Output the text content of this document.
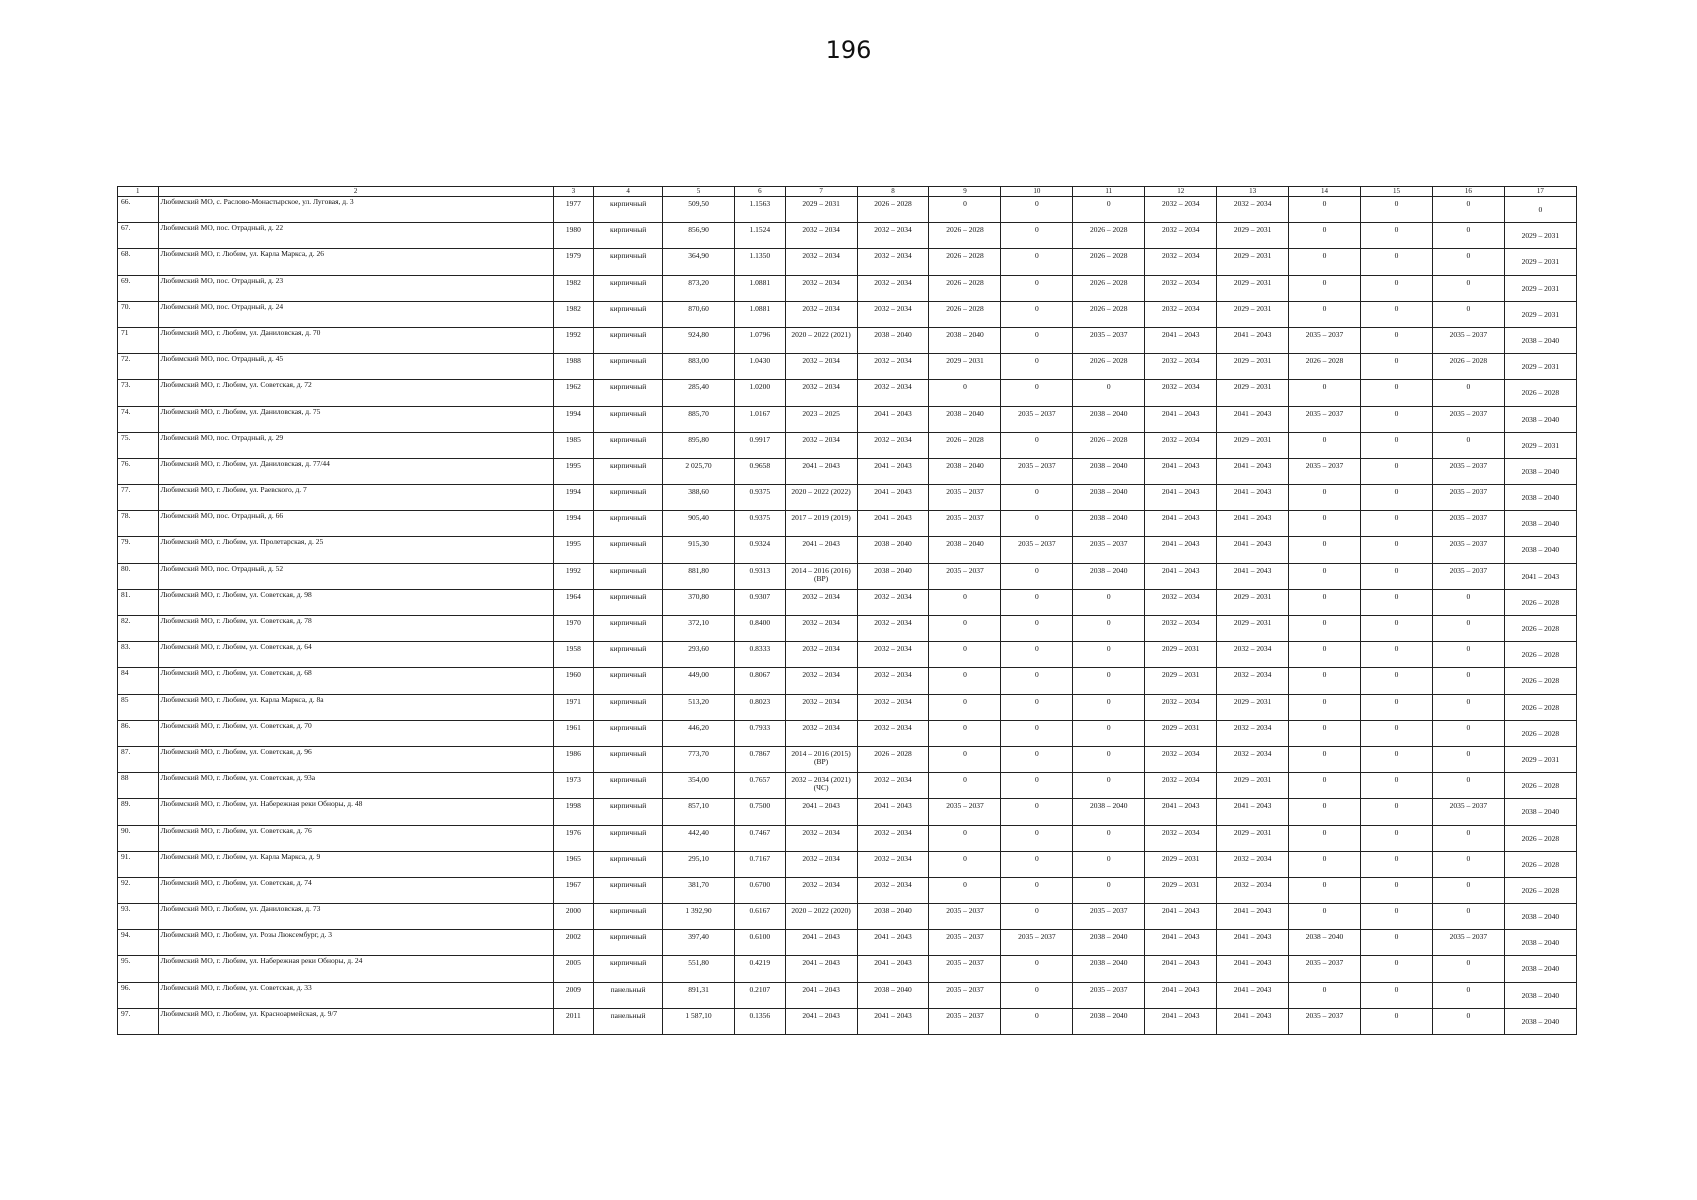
196
1	2	3	4	5	6	7	8	9	10	11	12	13	14	15	16	17
66.	Любимский МО, с. Раслово-Монастырское, ул. Луговая, д. 3	1977	кирпичный	509,50	1.1563	2029 – 2031	2026 – 2028	0	0	0	2032 – 2034	2032 – 2034	0	0	0	0
67.	Любимский МО, пос. Отрадный, д. 22	1980	кирпичный	856,90	1.1524	2032 – 2034	2032 – 2034	2026 – 2028	0	2026 – 2028	2032 – 2034	2029 – 2031	0	0	0	2029 – 2031
68.	Любимский МО, г. Любим, ул. Карла Маркса, д. 26	1979	кирпичный	364,90	1.1350	2032 – 2034	2032 – 2034	2026 – 2028	0	2026 – 2028	2032 – 2034	2029 – 2031	0	0	0	2029 – 2031
69.	Любимский МО, пос. Отрадный, д. 23	1982	кирпичный	873,20	1.0881	2032 – 2034	2032 – 2034	2026 – 2028	0	2026 – 2028	2032 – 2034	2029 – 2031	0	0	0	2029 – 2031
70.	Любимский МО, пос. Отрадный, д. 24	1982	кирпичный	870,60	1.0881	2032 – 2034	2032 – 2034	2026 – 2028	0	2026 – 2028	2032 – 2034	2029 – 2031	0	0	0	2029 – 2031
71	Любимский МО, г. Любим, ул. Даниловская, д. 70	1992	кирпичный	924,80	1.0796	2020 – 2022 (2021)	2038 – 2040	2038 – 2040	0	2035 – 2037	2041 – 2043	2041 – 2043	2035 – 2037	0	2035 – 2037	2038 – 2040
72.	Любимский МО, пос. Отрадный, д. 45	1988	кирпичный	883,00	1.0430	2032 – 2034	2032 – 2034	2029 – 2031	0	2026 – 2028	2032 – 2034	2029 – 2031	2026 – 2028	0	2026 – 2028	2029 – 2031
73.	Любимский МО, г. Любим, ул. Советская, д. 72	1962	кирпичный	285,40	1.0200	2032 – 2034	2032 – 2034	0	0	0	2032 – 2034	2029 – 2031	0	0	0	2026 – 2028
74.	Любимский МО, г. Любим, ул. Даниловская, д. 75	1994	кирпичный	885,70	1.0167	2023 – 2025	2041 – 2043	2038 – 2040	2035 – 2037	2038 – 2040	2041 – 2043	2041 – 2043	2035 – 2037	0	2035 – 2037	2038 – 2040
75.	Любимский МО, пос. Отрадный, д. 29	1985	кирпичный	895,80	0.9917	2032 – 2034	2032 – 2034	2026 – 2028	0	2026 – 2028	2032 – 2034	2029 – 2031	0	0	0	2029 – 2031
76.	Любимский МО, г. Любим, ул. Даниловская, д. 77/44	1995	кирпичный	2 025,70	0.9658	2041 – 2043	2041 – 2043	2038 – 2040	2035 – 2037	2038 – 2040	2041 – 2043	2041 – 2043	2035 – 2037	0	2035 – 2037	2038 – 2040
77.	Любимский МО, г. Любим, ул. Раевского, д. 7	1994	кирпичный	388,60	0.9375	2020 – 2022 (2022)	2041 – 2043	2035 – 2037	0	2038 – 2040	2041 – 2043	2041 – 2043	0	0	2035 – 2037	2038 – 2040
78.	Любимский МО, пос. Отрадный, д. 66	1994	кирпичный	905,40	0.9375	2017 – 2019 (2019)	2041 – 2043	2035 – 2037	0	2038 – 2040	2041 – 2043	2041 – 2043	0	0	2035 – 2037	2038 – 2040
79.	Любимский МО, г. Любим, ул. Пролетарская, д. 25	1995	кирпичный	915,30	0.9324	2041 – 2043	2038 – 2040	2038 – 2040	2035 – 2037	2035 – 2037	2041 – 2043	2041 – 2043	0	0	2035 – 2037	2038 – 2040
80.	Любимский МО, пос. Отрадный, д. 52	1992	кирпичный	881,80	0.9313	2014 – 2016 (2016) (ВР)	2038 – 2040	2035 – 2037	0	2038 – 2040	2041 – 2043	2041 – 2043	0	0	2035 – 2037	2041 – 2043
81.	Любимский МО, г. Любим, ул. Советская, д. 98	1964	кирпичный	370,80	0.9307	2032 – 2034	2032 – 2034	0	0	0	2032 – 2034	2029 – 2031	0	0	0	2026 – 2028
82.	Любимский МО, г. Любим, ул. Советская, д. 78	1970	кирпичный	372,10	0.8400	2032 – 2034	2032 – 2034	0	0	0	2032 – 2034	2029 – 2031	0	0	0	2026 – 2028
83.	Любимский МО, г. Любим, ул. Советская, д. 64	1958	кирпичный	293,60	0.8333	2032 – 2034	2032 – 2034	0	0	0	2029 – 2031	2032 – 2034	0	0	0	2026 – 2028
84	Любимский МО, г. Любим, ул. Советская, д. 68	1960	кирпичный	449,00	0.8067	2032 – 2034	2032 – 2034	0	0	0	2029 – 2031	2032 – 2034	0	0	0	2026 – 2028
85	Любимский МО, г. Любим, ул. Карла Маркса, д. 8а	1971	кирпичный	513,20	0.8023	2032 – 2034	2032 – 2034	0	0	0	2032 – 2034	2029 – 2031	0	0	0	2026 – 2028
86.	Любимский МО, г. Любим, ул. Советская, д. 70	1961	кирпичный	446,20	0.7933	2032 – 2034	2032 – 2034	0	0	0	2029 – 2031	2032 – 2034	0	0	0	2026 – 2028
87.	Любимский МО, г. Любим, ул. Советская, д. 96	1986	кирпичный	773,70	0.7867	2014 – 2016 (2015) (ВР)	2026 – 2028	0	0	0	2032 – 2034	2032 – 2034	0	0	0	2029 – 2031
88	Любимский МО, г. Любим, ул. Советская, д. 93а	1973	кирпичный	354,00	0.7657	2032 – 2034 (2021) (ЧС)	2032 – 2034	0	0	0	2032 – 2034	2029 – 2031	0	0	0	2026 – 2028
89.	Любимский МО, г. Любим, ул. Набережная реки Обноры, д. 48	1998	кирпичный	857,10	0.7500	2041 – 2043	2041 – 2043	2035 – 2037	0	2038 – 2040	2041 – 2043	2041 – 2043	0	0	2035 – 2037	2038 – 2040
90.	Любимский МО, г. Любим, ул. Советская, д. 76	1976	кирпичный	442,40	0.7467	2032 – 2034	2032 – 2034	0	0	0	2032 – 2034	2029 – 2031	0	0	0	2026 – 2028
91.	Любимский МО, г. Любим, ул. Карла Маркса, д. 9	1965	кирпичный	295,10	0.7167	2032 – 2034	2032 – 2034	0	0	0	2029 – 2031	2032 – 2034	0	0	0	2026 – 2028
92.	Любимский МО, г. Любим, ул. Советская, д. 74	1967	кирпичный	381,70	0.6700	2032 – 2034	2032 – 2034	0	0	0	2029 – 2031	2032 – 2034	0	0	0	2026 – 2028
93.	Любимский МО, г. Любим, ул. Даниловская, д. 73	2000	кирпичный	1 392,90	0.6167	2020 – 2022 (2020)	2038 – 2040	2035 – 2037	0	2035 – 2037	2041 – 2043	2041 – 2043	0	0	0	2038 – 2040
94.	Любимский МО, г. Любим, ул. Розы Люксембург, д. 3	2002	кирпичный	397,40	0.6100	2041 – 2043	2041 – 2043	2035 – 2037	2035 – 2037	2038 – 2040	2041 – 2043	2041 – 2043	2038 – 2040	0	2035 – 2037	2038 – 2040
95.	Любимский МО, г. Любим, ул. Набережная реки Обноры, д. 24	2005	кирпичный	551,80	0.4219	2041 – 2043	2041 – 2043	2035 – 2037	0	2038 – 2040	2041 – 2043	2041 – 2043	2035 – 2037	0	0	2038 – 2040
96.	Любимский МО, г. Любим, ул. Советская, д. 33	2009	панельный	891,31	0.2107	2041 – 2043	2038 – 2040	2035 – 2037	0	2035 – 2037	2041 – 2043	2041 – 2043	0	0	0	2038 – 2040
97.	Любимский МО, г. Любим, ул. Красноармейская, д. 9/7	2011	панельный	1 587,10	0.1356	2041 – 2043	2041 – 2043	2035 – 2037	0	2038 – 2040	2041 – 2043	2041 – 2043	2035 – 2037	0	0	2038 – 2040
